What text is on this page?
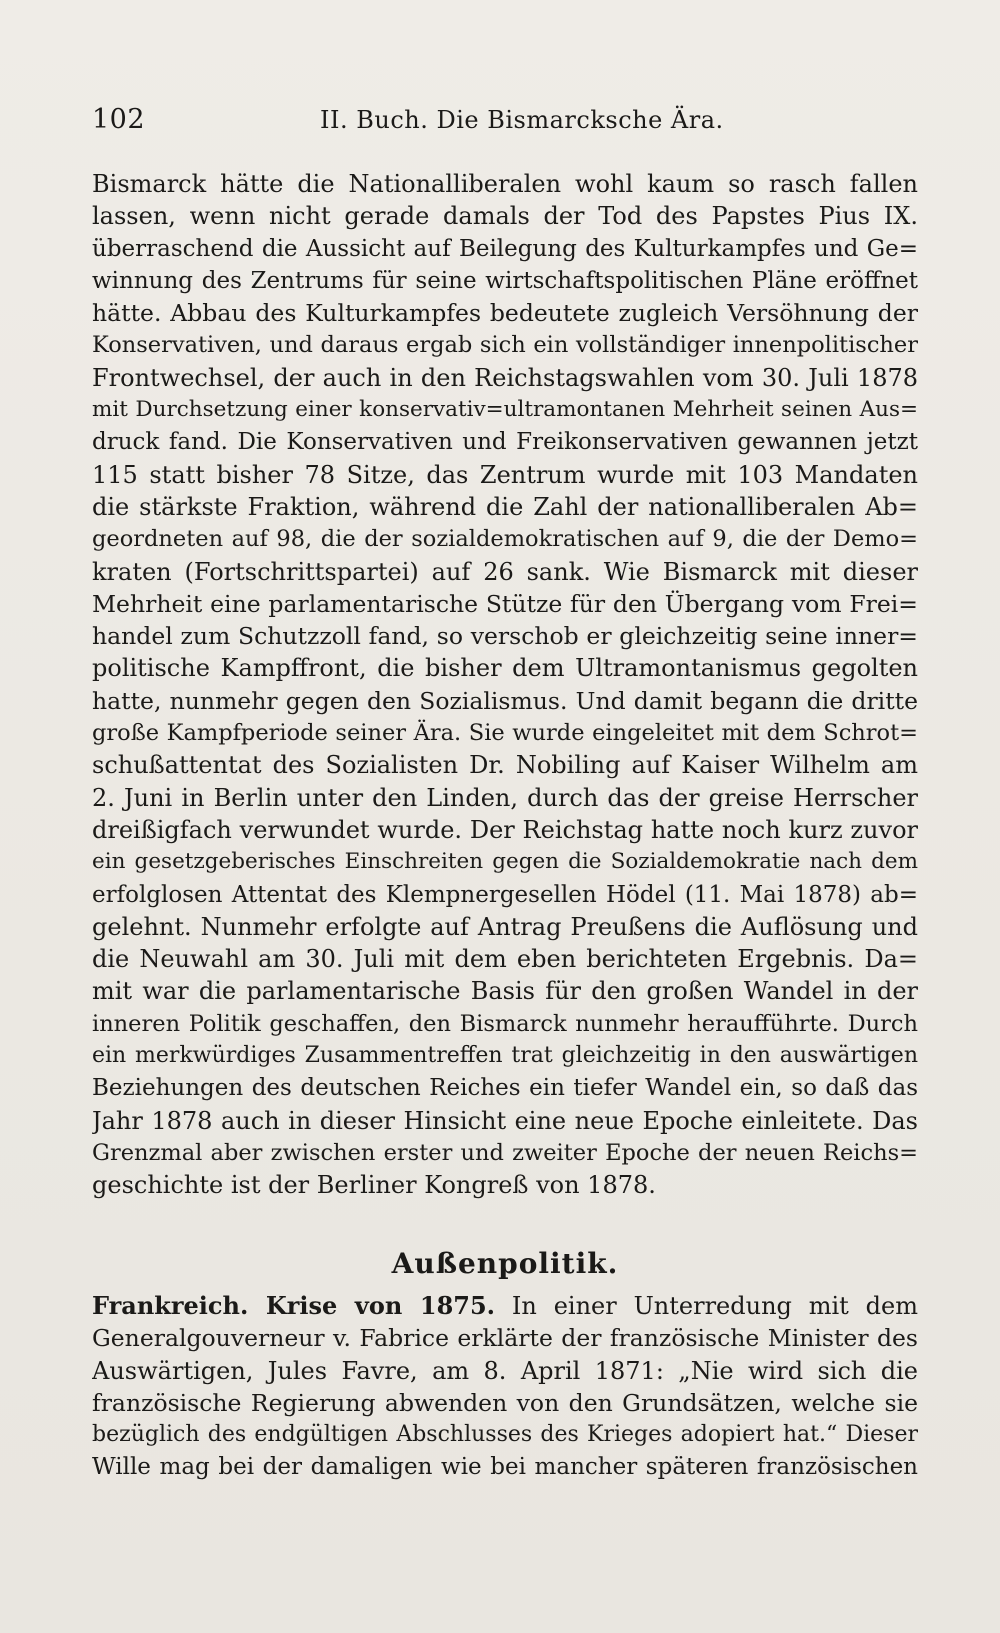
102	II. Buch. Die Bismarcksche Ära.
Bismarck hätte die Nationalliberalen wohl kaum so rasch fallen
lassen, wenn nicht gerade damals der Tod des Papstes Pius IX.
überraschend die Aussicht auf Beilegung des Kulturkampfes und Ge=
winnung des Zentrums für seine wirtschaftspolitischen Pläne eröffnet
hätte. Abbau des Kulturkampfes bedeutete zugleich Versöhnung der
Konservativen, und daraus ergab sich ein vollständiger innenpolitischer
Frontwechsel, der auch in den Reichstagswahlen vom 30. Juli 1878
mit Durchsetzung einer konservativ=ultramontanen Mehrheit seinen Aus=
druck fand. Die Konservativen und Freikonservativen gewannen jetzt
115 statt bisher 78 Sitze, das Zentrum wurde mit 103 Mandaten
die stärkste Fraktion, während die Zahl der nationalliberalen Ab=
geordneten auf 98, die der sozialdemokratischen auf 9, die der Demo=
kraten (Fortschrittspartei) auf 26 sank. Wie Bismarck mit dieser
Mehrheit eine parlamentarische Stütze für den Übergang vom Frei=
handel zum Schutzzoll fand, so verschob er gleichzeitig seine inner=
politische Kampffront, die bisher dem Ultramontanismus gegolten
hatte, nunmehr gegen den Sozialismus. Und damit begann die dritte
große Kampfperiode seiner Ära. Sie wurde eingeleitet mit dem Schrot=
schußattentat des Sozialisten Dr. Nobiling auf Kaiser Wilhelm am
2. Juni in Berlin unter den Linden, durch das der greise Herrscher
dreißigfach verwundet wurde. Der Reichstag hatte noch kurz zuvor
ein gesetzgeberisches Einschreiten gegen die Sozialdemokratie nach dem
erfolglosen Attentat des Klempnergesellen Hödel (11. Mai 1878) ab=
gelehnt. Nunmehr erfolgte auf Antrag Preußens die Auflösung und
die Neuwahl am 30. Juli mit dem eben berichteten Ergebnis. Da=
mit war die parlamentarische Basis für den großen Wandel in der
inneren Politik geschaffen, den Bismarck nunmehr heraufführte. Durch
ein merkwürdiges Zusammentreffen trat gleichzeitig in den auswärtigen
Beziehungen des deutschen Reiches ein tiefer Wandel ein, so daß das
Jahr 1878 auch in dieser Hinsicht eine neue Epoche einleitete. Das
Grenzmal aber zwischen erster und zweiter Epoche der neuen Reichs=
geschichte ist der Berliner Kongreß von 1878.
Außenpolitik.
Frankreich. Krise von 1875. In einer Unterredung mit dem
Generalgouverneur v. Fabrice erklärte der französische Minister des
Auswärtigen, Jules Favre, am 8. April 1871: „Nie wird sich die
französische Regierung abwenden von den Grundsätzen, welche sie
bezüglich des endgültigen Abschlusses des Krieges adopiert hat.“ Dieser
Wille mag bei der damaligen wie bei mancher späteren französischen
